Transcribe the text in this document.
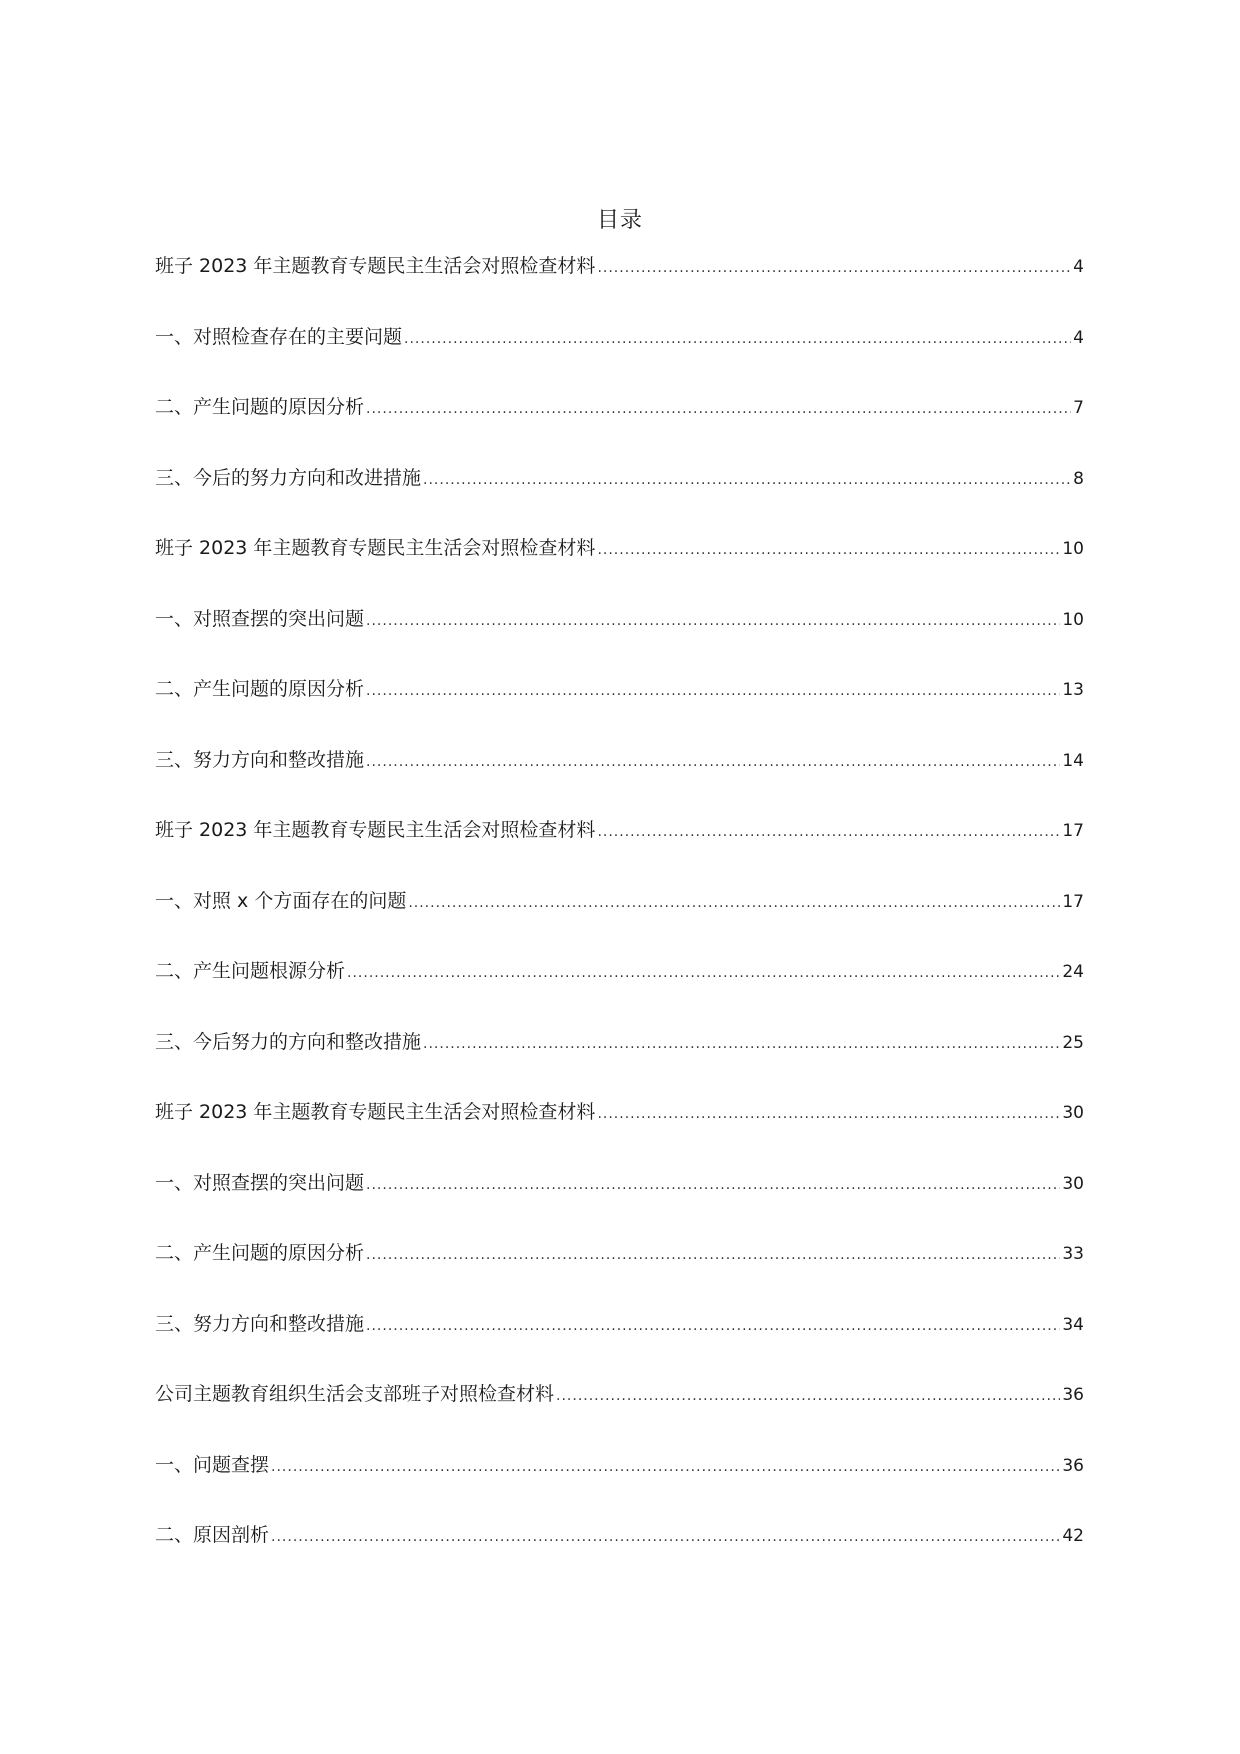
目录
班子 2023 年主题教育专题民主生活会对照检查材料 .....	4
一、对照检查存在的主要问题 .....	4
二、产生问题的原因分析 .....	7
三、今后的努力方向和改进措施 .....	8
班子 2023 年主题教育专题民主生活会对照检查材料 .....	10
一、对照查摆的突出问题 .....	10
二、产生问题的原因分析 .....	13
三、努力方向和整改措施 .....	14
班子 2023 年主题教育专题民主生活会对照检查材料 .....	17
一、对照 x 个方面存在的问题 .....	17
二、产生问题根源分析 .....	24
三、今后努力的方向和整改措施 .....	25
班子 2023 年主题教育专题民主生活会对照检查材料 .....	30
一、对照查摆的突出问题 .....	30
二、产生问题的原因分析 .....	33
三、努力方向和整改措施 .....	34
公司主题教育组织生活会支部班子对照检查材料 .....	36
一、问题查摆 .....	36
二、原因剖析 .....	42
